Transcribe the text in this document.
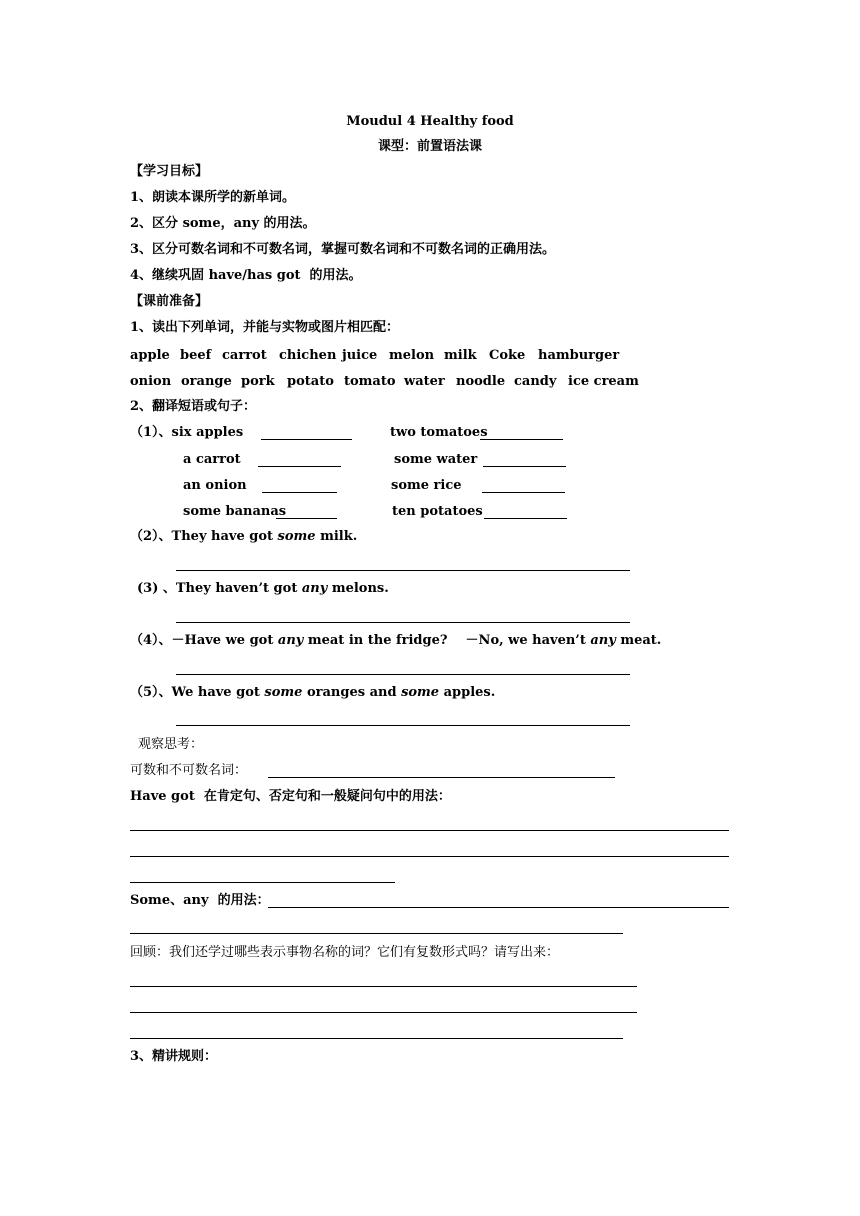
Moudul 4 Healthy food
课型：前置语法课
【学习目标】
1、朗读本课所学的新单词。
2、区分 some，any 的用法。
3、区分可数名词和不可数名词，掌握可数名词和不可数名词的正确用法。
4、继续巩固 have/has got  的用法。
【课前准备】
1、读出下列单词，并能与实物或图片相匹配：
apple beef carrot chichen juice melon milk Coke hamburger
onion orange pork potato tomato water noodle candy ice cream
2、翻译短语或句子：
（1）、six apples	two tomatoes
a carrot	some water
an onion	some rice
some bananas	ten potatoes
（2）、They have got some milk.
(3) 、They haven’t got any melons.
（4）、－Have we got any meat in the fridge?    －No, we haven’t any meat.
（5）、We have got some oranges and some apples.
观察思考：
可数和不可数名词：
Have got  在肯定句、否定句和一般疑问句中的用法：
Some、any  的用法：
回顾：我们还学过哪些表示事物名称的词？它们有复数形式吗？请写出来：
3、精讲规则：
